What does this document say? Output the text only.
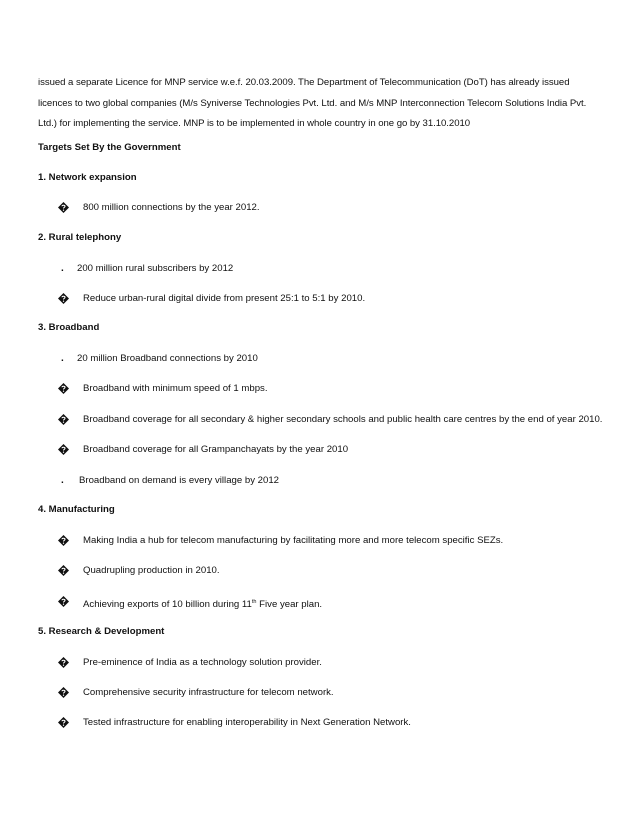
issued a separate Licence for MNP service w.e.f. 20.03.2009. The Department of Telecommunication (DoT) has already issued licences to two global companies (M/s Syniverse Technologies Pvt. Ltd. and M/s MNP Interconnection Telecom Solutions India Pvt. Ltd.) for implementing the service. MNP is to be implemented in whole country in one go by 31.10.2010
Targets Set By the Government
1. Network expansion
800 million connections by the year 2012.
2. Rural telephony
. 200 million rural subscribers by 2012
Reduce urban-rural digital divide from present 25:1 to 5:1 by 2010.
3. Broadband
. 20 million Broadband connections by 2010
Broadband with minimum speed of 1 mbps.
Broadband coverage for all secondary & higher secondary schools and public health care centres by the end of year 2010.
Broadband coverage for all Grampanchayats by the year 2010
. Broadband on demand is every village by 2012
4. Manufacturing
Making India a hub for telecom manufacturing by facilitating more and more telecom specific SEZs.
Quadrupling production in 2010.
Achieving exports of 10 billion during 11th Five year plan.
5. Research & Development
Pre-eminence of India as a technology solution provider.
Comprehensive security infrastructure for telecom network.
Tested infrastructure for enabling interoperability in Next Generation Network.
